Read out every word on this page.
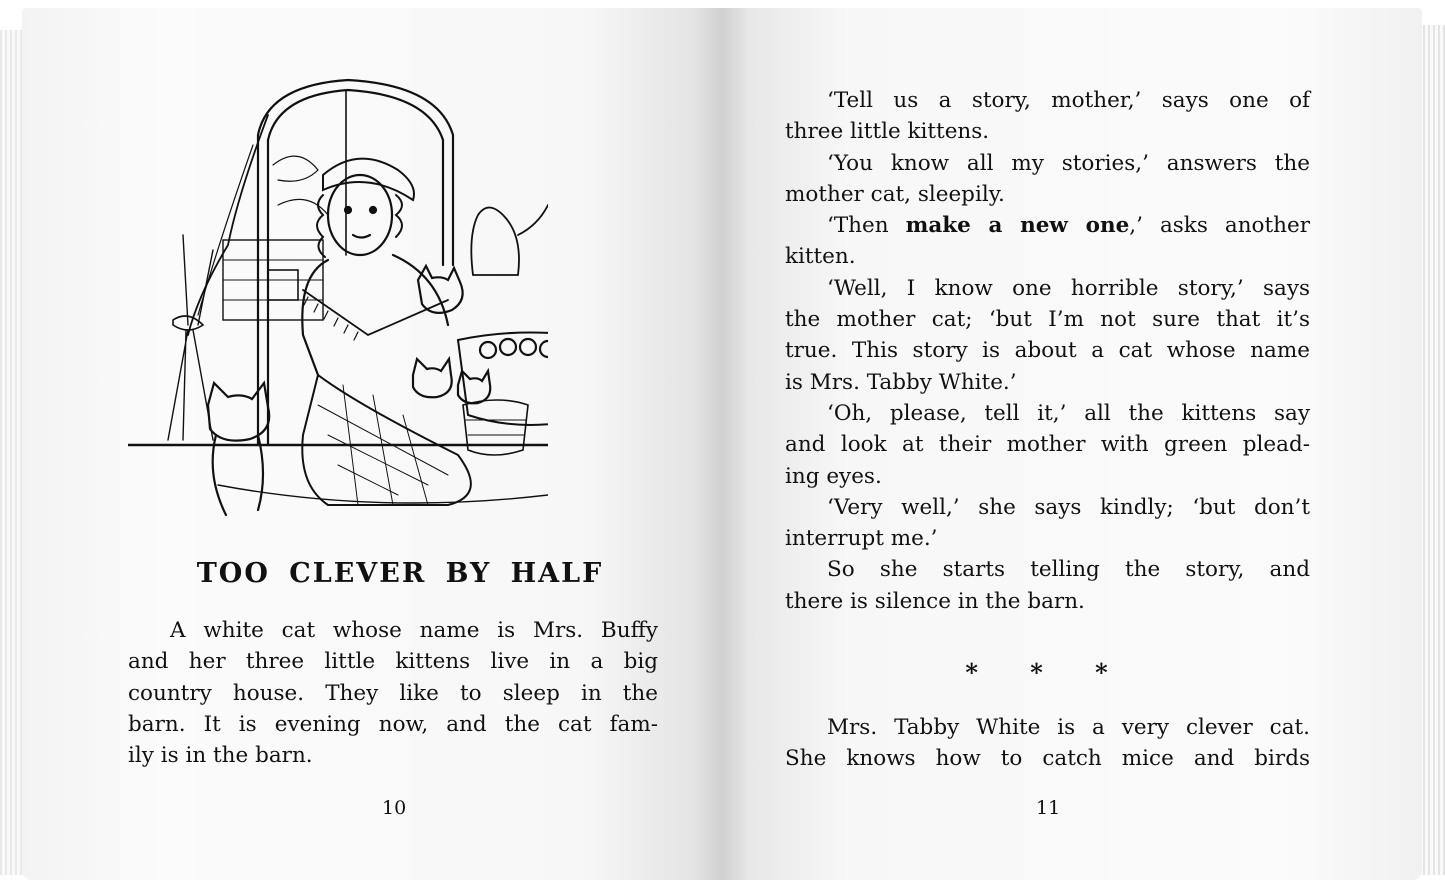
TOO CLEVER BY HALF

A white cat whose name is Mrs. Buffy

and her three little kittens live in a big

country house. They like to sleep in the

barn. It is evening now, and the cat fam-

ily is in the barn.

10

‘Tell us a story, mother,’ says one of

three little kittens.

‘You know all my stories,’ answers the

mother cat, sleepily.

‘Then make a new one,’ asks another

kitten.

‘Well, I know one horrible story,’ says

the mother cat; ‘but I’m not sure that it’s

true. This story is about a cat whose name

is Mrs. Tabby White.’

‘Oh, please, tell it,’ all the kittens say

and look at their mother with green plead-

ing eyes.

‘Very well,’ she says kindly; ‘but don’t

interrupt me.’

So she starts telling the story, and

there is silence in the barn.

* * *

Mrs. Tabby White is a very clever cat.

She knows how to catch mice and birds

11
